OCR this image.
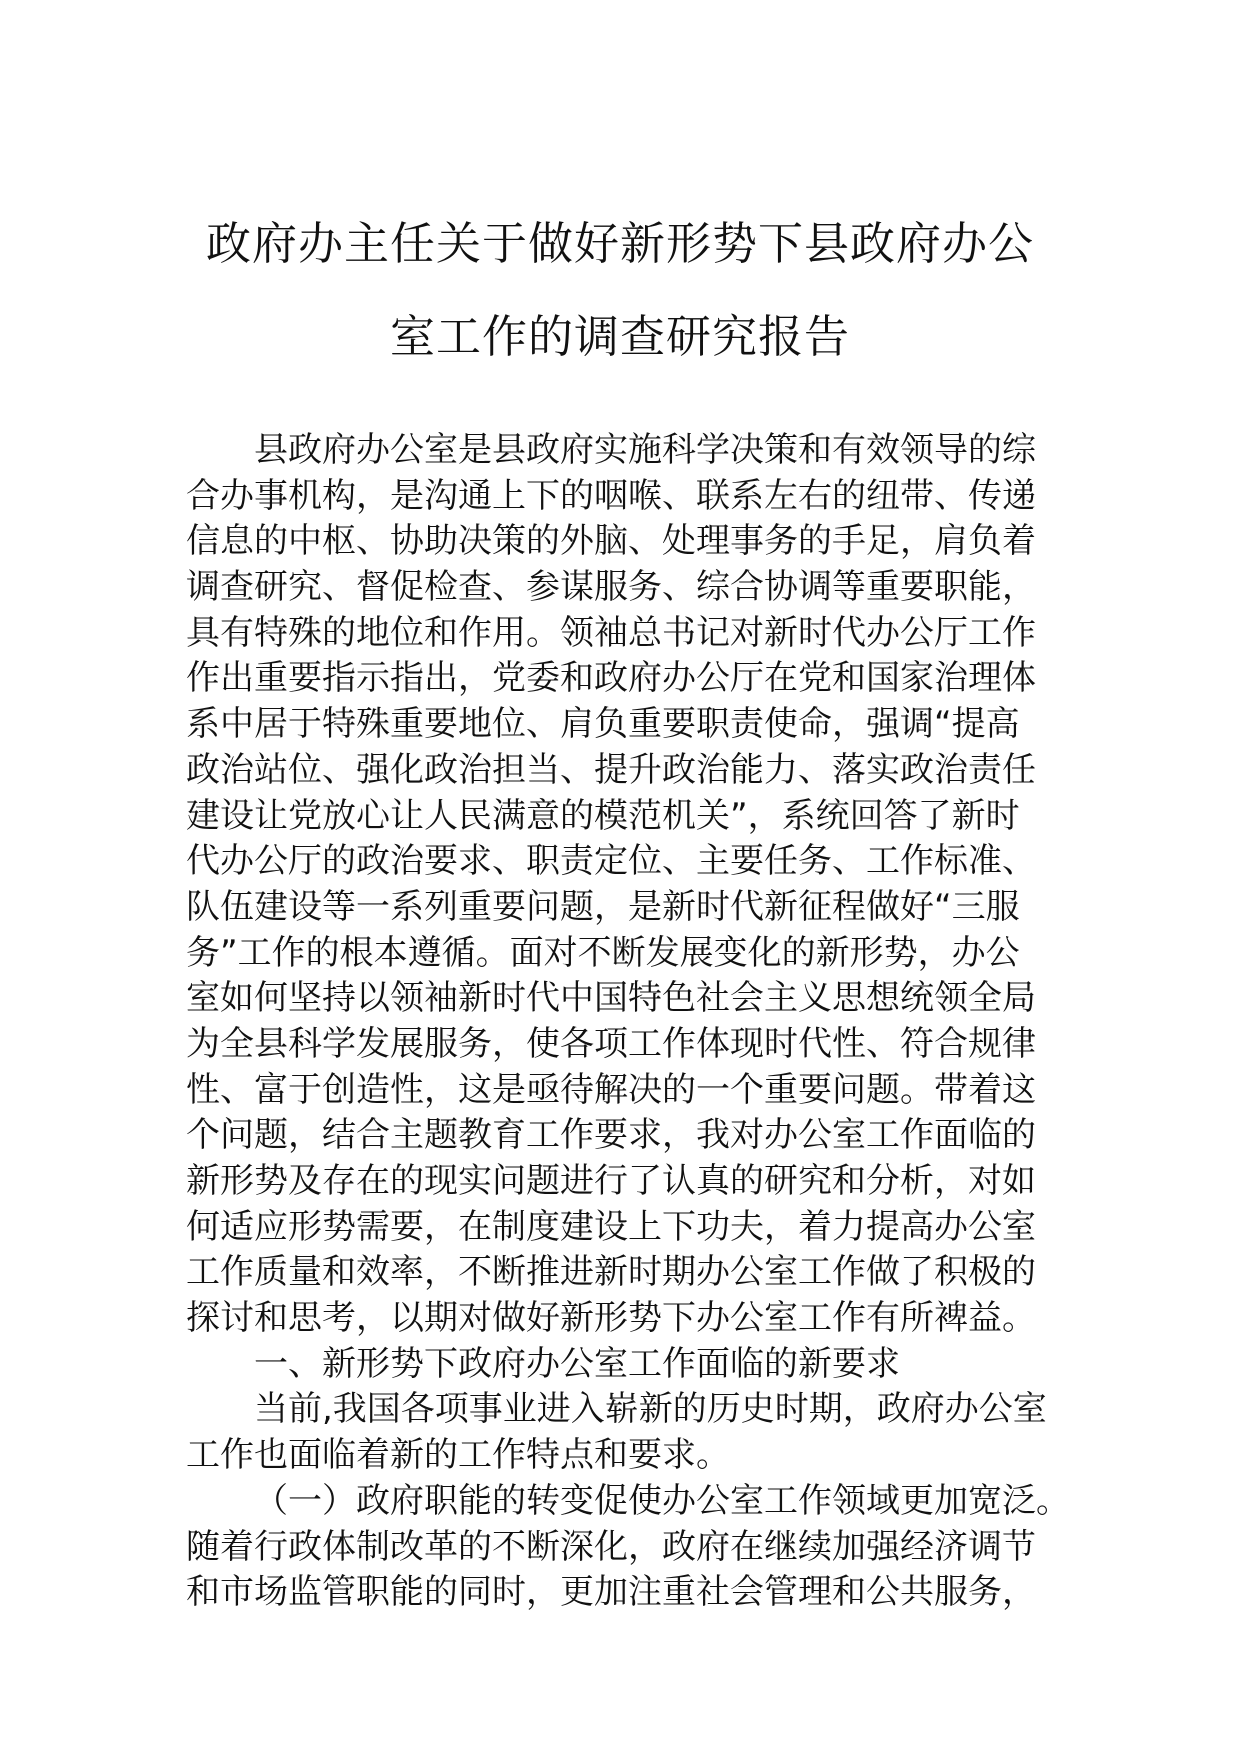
政府办主任关于做好新形势下县政府办公
室工作的调查研究报告
县政府办公室是县政府实施科学决策和有效领导的综
合办事机构，是沟通上下的咽喉、联系左右的纽带、传递
信息的中枢、协助决策的外脑、处理事务的手足，肩负着
调查研究、督促检查、参谋服务、综合协调等重要职能，
具有特殊的地位和作用。领袖总书记对新时代办公厅工作
作出重要指示指出，党委和政府办公厅在党和国家治理体
系中居于特殊重要地位、肩负重要职责使命，强调“提高
政治站位、强化政治担当、提升政治能力、落实政治责任
建设让党放心让人民满意的模范机关”，系统回答了新时
代办公厅的政治要求、职责定位、主要任务、工作标准、
队伍建设等一系列重要问题，是新时代新征程做好“三服
务”工作的根本遵循。面对不断发展变化的新形势，办公
室如何坚持以领袖新时代中国特色社会主义思想统领全局
为全县科学发展服务，使各项工作体现时代性、符合规律
性、富于创造性，这是亟待解决的一个重要问题。带着这
个问题，结合主题教育工作要求，我对办公室工作面临的
新形势及存在的现实问题进行了认真的研究和分析，对如
何适应形势需要，在制度建设上下功夫，着力提高办公室
工作质量和效率，不断推进新时期办公室工作做了积极的
探讨和思考，以期对做好新形势下办公室工作有所裨益。
一、新形势下政府办公室工作面临的新要求
当前,我国各项事业进入崭新的历史时期，政府办公室
工作也面临着新的工作特点和要求。
（一）政府职能的转变促使办公室工作领域更加宽泛。
随着行政体制改革的不断深化，政府在继续加强经济调节
和市场监管职能的同时，更加注重社会管理和公共服务，
